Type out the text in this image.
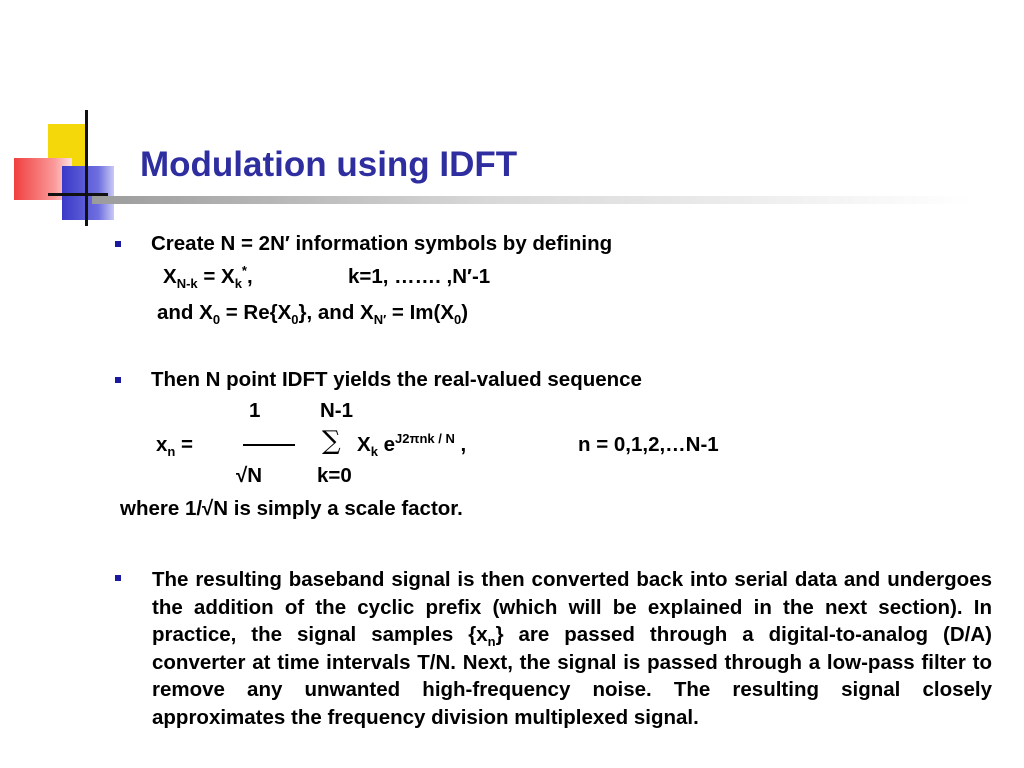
Modulation using IDFT
Create N = 2N′ information symbols by defining
$X_{N-k} = X_k^*$,	k=1, ……. ,N′-1
and $X_0 = Re\{X_0\}$, and $X_{N'} = Im(X_0)$
Then N point IDFT yields the real-valued sequence
1	N-1
$x_n$ =	∑ $X_k$ $e^{J2\pi nk / N}$ ,	n = 0,1,2,…N-1
√N	k=0
where 1/√N is simply a scale factor.
The resulting baseband signal is then converted back into serial data and undergoes the addition of the cyclic prefix (which will be explained in the next section). In practice, the signal samples $\{x_n\}$ are passed through a digital-to-analog (D/A) converter at time intervals T/N. Next, the signal is passed through a low-pass filter to remove any unwanted high-frequency noise. The resulting signal closely approximates the frequency division multiplexed signal.
